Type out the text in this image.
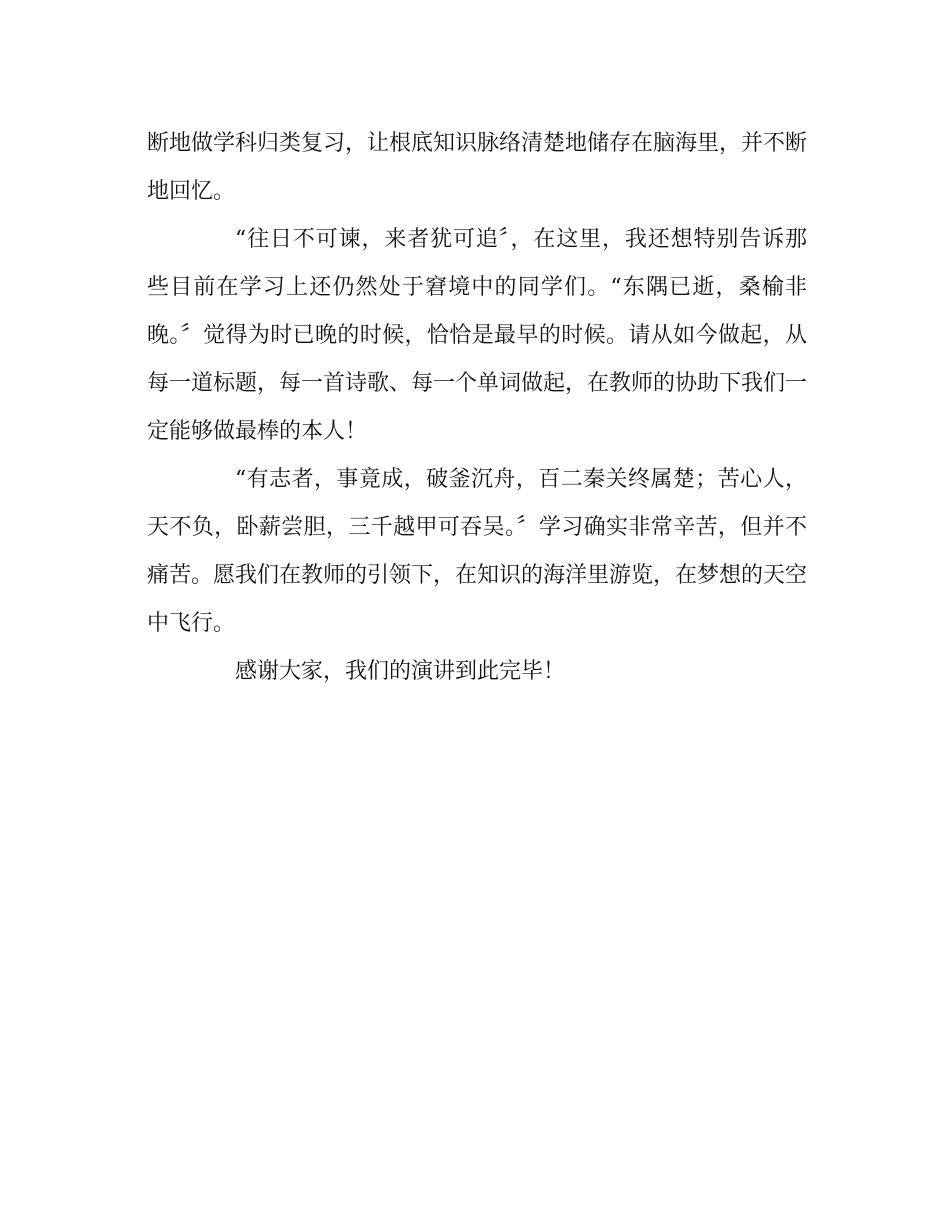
断地做学科归类复习，让根底知识脉络清楚地储存在脑海里，并不断
地回忆。
“往日不可谏，来者犹可追〞，在这里，我还想特别告诉那
些目前在学习上还仍然处于窘境中的同学们。“东隅已逝，桑榆非
晚。〞觉得为时已晚的时候，恰恰是最早的时候。请从如今做起，从
每一道标题，每一首诗歌、每一个单词做起，在教师的协助下我们一
定能够做最棒的本人！
“有志者，事竟成，破釜沉舟，百二秦关终属楚；苦心人，
天不负，卧薪尝胆，三千越甲可吞吴。〞学习确实非常辛苦，但并不
痛苦。愿我们在教师的引领下，在知识的海洋里游览，在梦想的天空
中飞行。
感谢大家，我们的演讲到此完毕！
